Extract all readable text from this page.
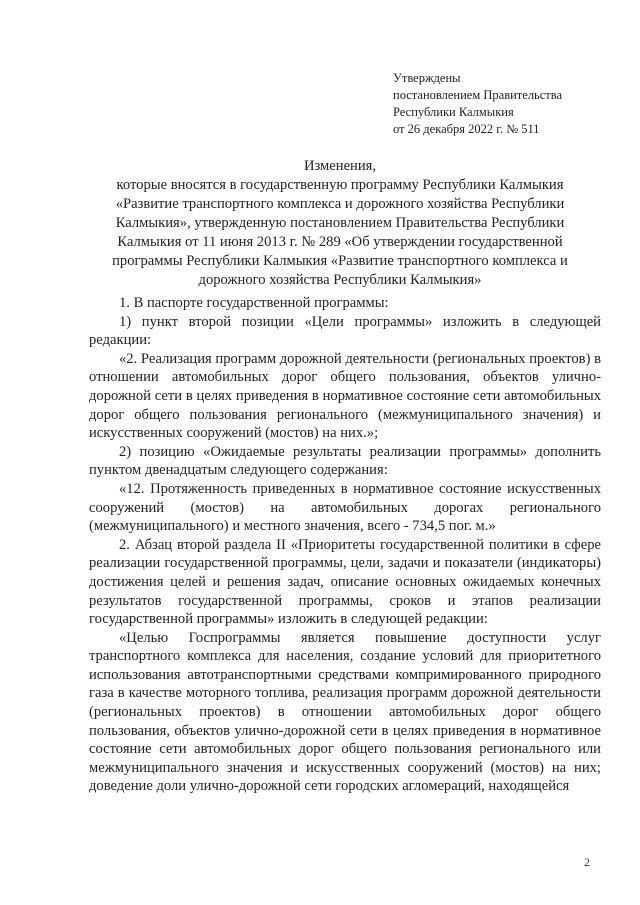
Утверждены
постановлением Правительства
Республики Калмыкия
от 26 декабря 2022 г. № 511
Изменения,
которые вносятся в государственную программу Республики Калмыкия
«Развитие транспортного комплекса и дорожного хозяйства Республики
Калмыкия», утвержденную постановлением Правительства Республики
Калмыкия от 11 июня 2013 г. № 289 «Об утверждении государственной
программы Республики Калмыкия «Развитие транспортного комплекса и
дорожного хозяйства Республики Калмыкия»

1. В паспорте государственной программы:

1) пункт второй позиции «Цели программы» изложить в следующей редакции:

«2. Реализация программ дорожной деятельности (региональных проектов) в отношении автомобильных дорог общего пользования, объектов улично-дорожной сети в целях приведения в нормативное состояние сети автомобильных дорог общего пользования регионального (межмуниципального значения) и искусственных сооружений (мостов) на них.»;

2) позицию «Ожидаемые результаты реализации программы» дополнить пунктом двенадцатым следующего содержания:

«12. Протяженность приведенных в нормативное состояние искусственных сооружений (мостов) на автомобильных дорогах регионального (межмуниципального) и местного значения, всего - 734,5 пог. м.»

2. Абзац второй раздела II «Приоритеты государственной политики в сфере реализации государственной программы, цели, задачи и показатели (индикаторы) достижения целей и решения задач, описание основных ожидаемых конечных результатов государственной программы, сроков и этапов реализации государственной программы» изложить в следующей редакции:

«Целью Госпрограммы является повышение доступности услуг транспортного комплекса для населения, создание условий для приоритетного использования автотранспортными средствами компримированного природного газа в качестве моторного топлива, реализация программ дорожной деятельности (региональных проектов) в отношении автомобильных дорог общего пользования, объектов улично-дорожной сети в целях приведения в нормативное состояние сети автомобильных дорог общего пользования регионального или межмуниципального значения и искусственных сооружений (мостов) на них; доведение доли улично-дорожной сети городских агломераций, находящейся

2
